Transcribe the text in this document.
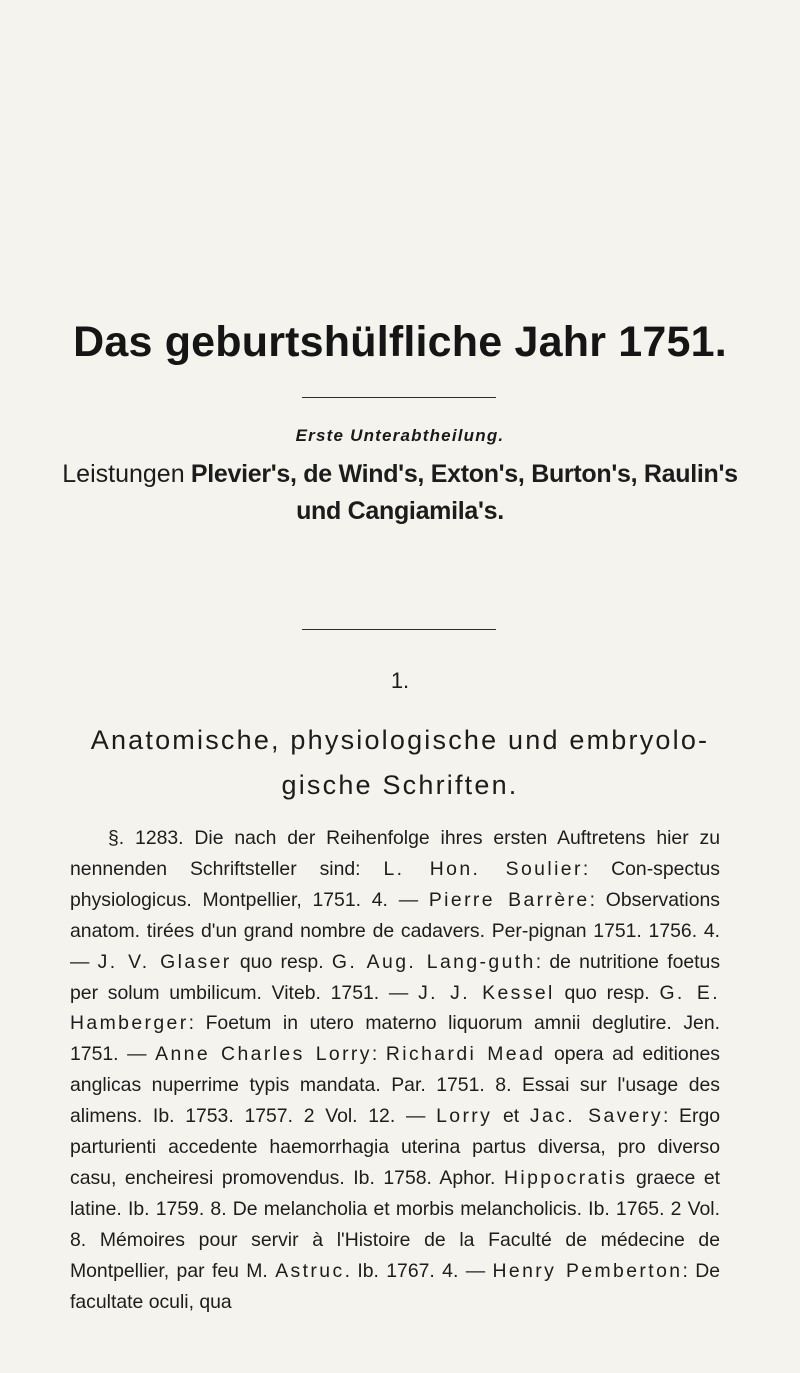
Das geburtshülfliche Jahr 1751.
Erste Unterabtheilung.
Leistungen Plevier's, de Wind's, Exton's, Burton's, Raulin's
und Cangiamila's.
1.
Anatomische, physiologische und embryolo-
gische Schriften.
§. 1283. Die nach der Reihenfolge ihres ersten Auftretens hier zu nennenden Schriftsteller sind: L. Hon. Soulier: Con-spectus physiologicus. Montpellier, 1751. 4. — Pierre Barrère: Observations anatom. tirées d'un grand nombre de cadavers. Per-pignan 1751. 1756. 4. — J. V. Glaser quo resp. G. Aug. Lang-guth: de nutritione foetus per solum umbilicum. Viteb. 1751. — J. J. Kessel quo resp. G. E. Hamberger: Foetum in utero materno liquorum amnii deglutire. Jen. 1751. — Anne Charles Lorry: Richardi Mead opera ad editiones anglicas nuperrime typis mandata. Par. 1751. 8. Essai sur l'usage des alimens. Ib. 1753. 1757. 2 Vol. 12. — Lorry et Jac. Savery: Ergo parturienti accedente haemorrhagia uterina partus diversa, pro diverso casu, encheiresi promovendus. Ib. 1758. Aphor. Hippocratis graece et latine. Ib. 1759. 8. De melancholia et morbis melancholicis. Ib. 1765. 2 Vol. 8. Mémoires pour servir à l'Histoire de la Faculté de médecine de Montpellier, par feu M. Astruc. Ib. 1767. 4. — Henry Pemberton: De facultate oculi, qua
